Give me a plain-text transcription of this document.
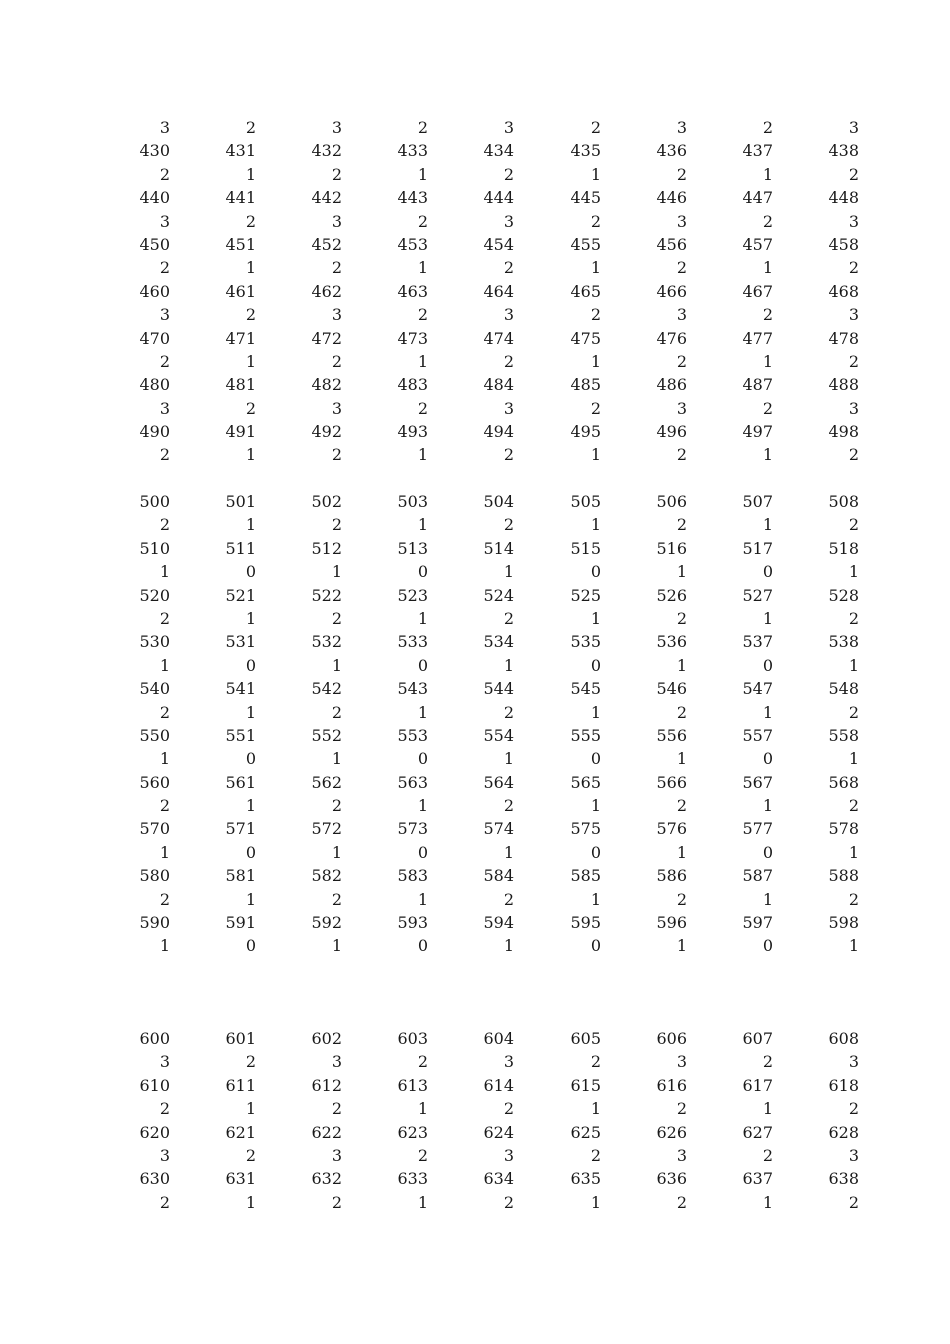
3	2	3	2	3	2	3	2	3
430	431	432	433	434	435	436	437	438
2	1	2	1	2	1	2	1	2
440	441	442	443	444	445	446	447	448
3	2	3	2	3	2	3	2	3
450	451	452	453	454	455	456	457	458
2	1	2	1	2	1	2	1	2
460	461	462	463	464	465	466	467	468
3	2	3	2	3	2	3	2	3
470	471	472	473	474	475	476	477	478
2	1	2	1	2	1	2	1	2
480	481	482	483	484	485	486	487	488
3	2	3	2	3	2	3	2	3
490	491	492	493	494	495	496	497	498
2	1	2	1	2	1	2	1	2
500	501	502	503	504	505	506	507	508
2	1	2	1	2	1	2	1	2
510	511	512	513	514	515	516	517	518
1	0	1	0	1	0	1	0	1
520	521	522	523	524	525	526	527	528
2	1	2	1	2	1	2	1	2
530	531	532	533	534	535	536	537	538
1	0	1	0	1	0	1	0	1
540	541	542	543	544	545	546	547	548
2	1	2	1	2	1	2	1	2
550	551	552	553	554	555	556	557	558
1	0	1	0	1	0	1	0	1
560	561	562	563	564	565	566	567	568
2	1	2	1	2	1	2	1	2
570	571	572	573	574	575	576	577	578
1	0	1	0	1	0	1	0	1
580	581	582	583	584	585	586	587	588
2	1	2	1	2	1	2	1	2
590	591	592	593	594	595	596	597	598
1	0	1	0	1	0	1	0	1
600	601	602	603	604	605	606	607	608
3	2	3	2	3	2	3	2	3
610	611	612	613	614	615	616	617	618
2	1	2	1	2	1	2	1	2
620	621	622	623	624	625	626	627	628
3	2	3	2	3	2	3	2	3
630	631	632	633	634	635	636	637	638
2	1	2	1	2	1	2	1	2
